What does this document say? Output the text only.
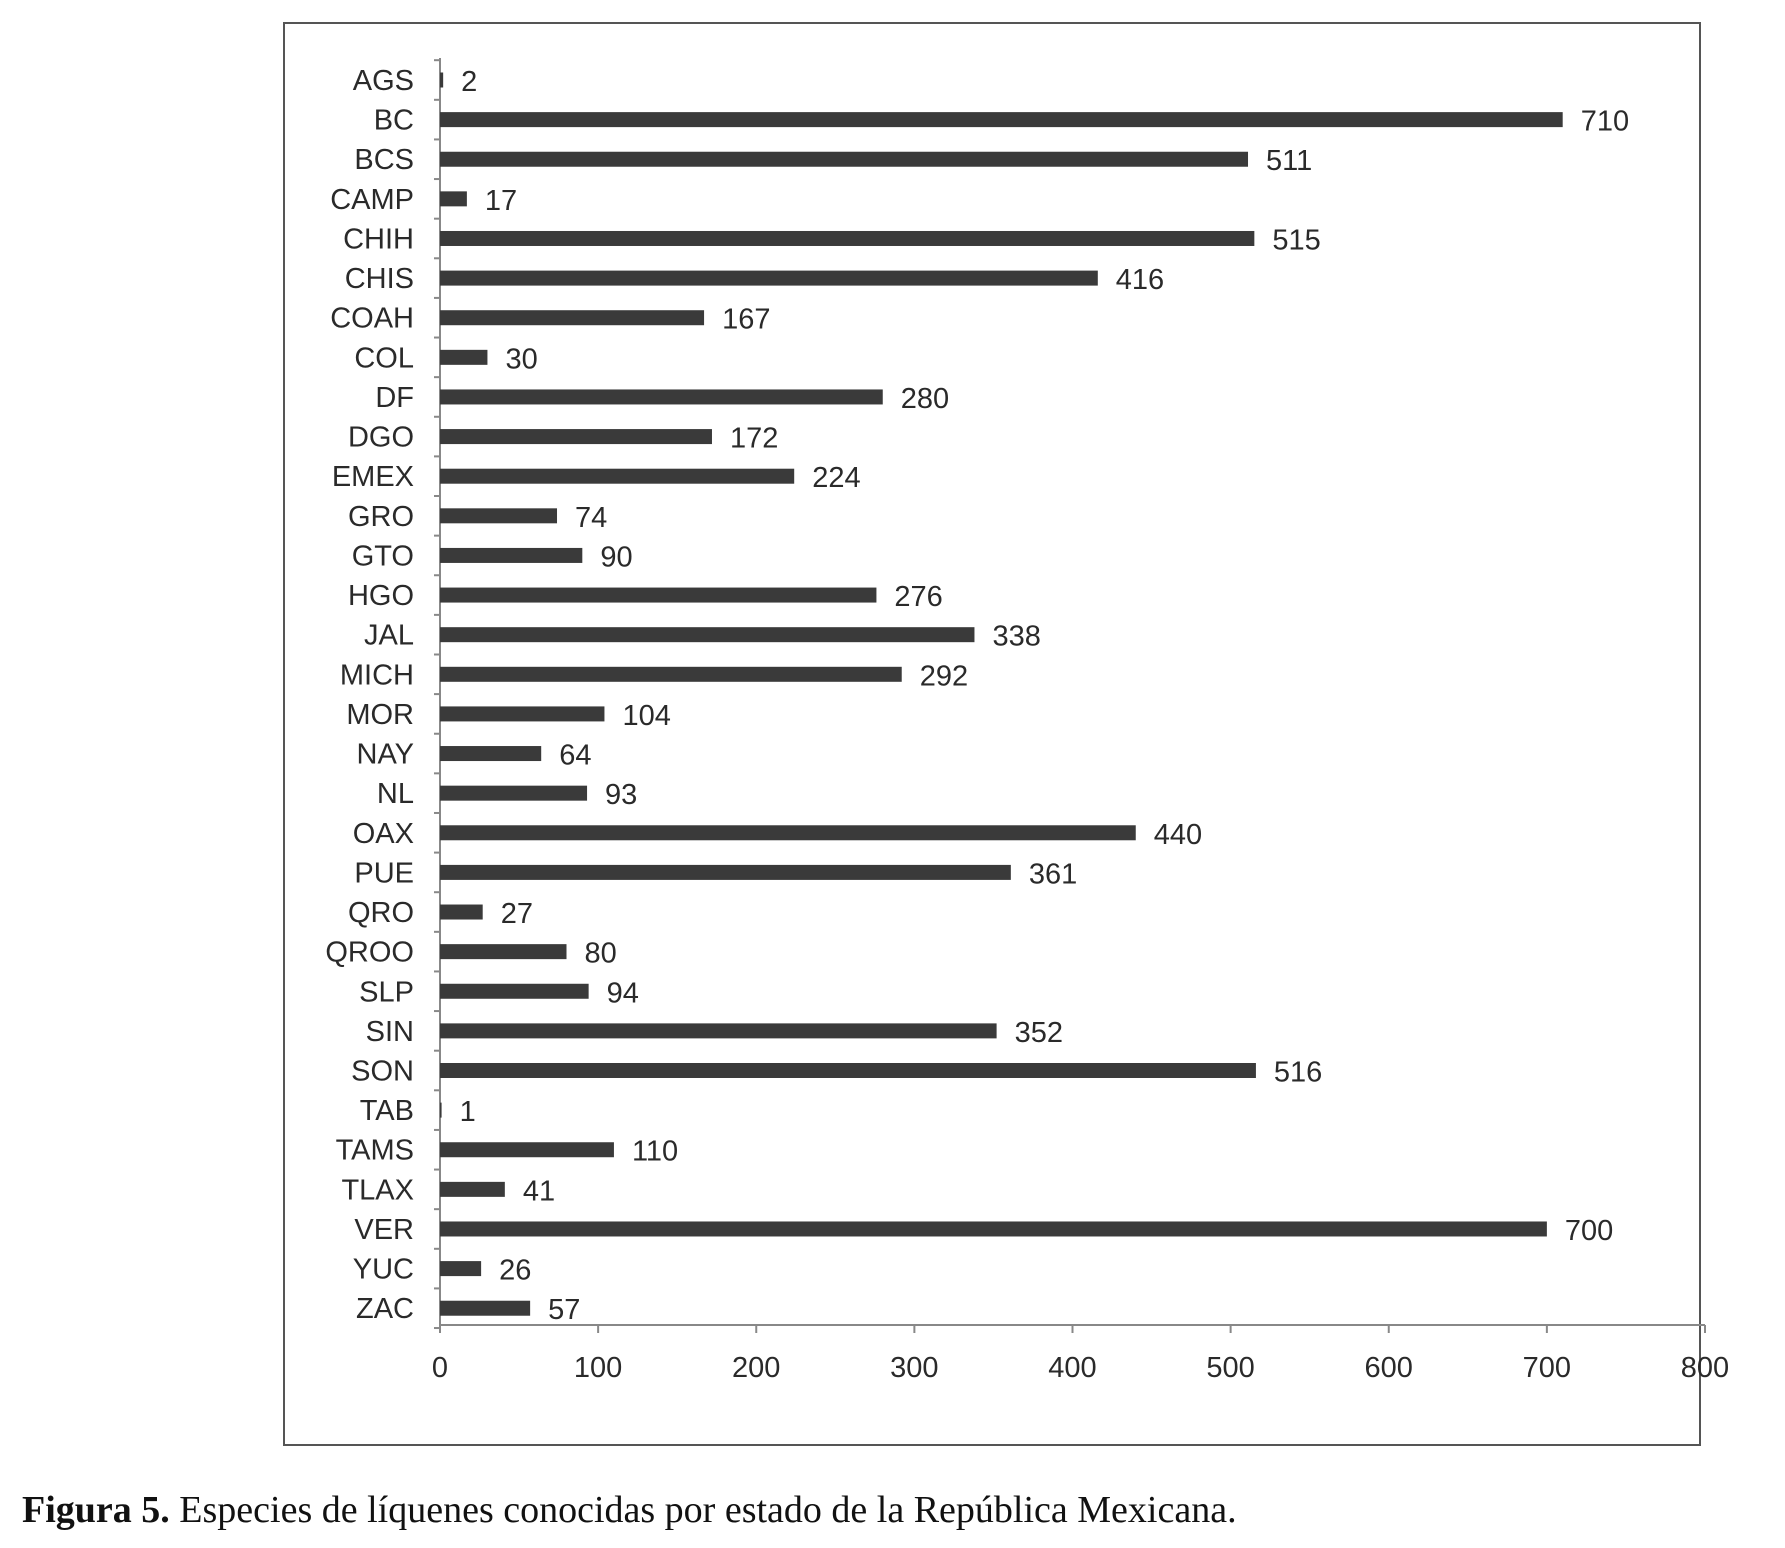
0	100	200	300	400	500	600	700	800
AGS 2
BC	710
BCS	511
CAMP 17
CHIH	515
CHIS	416
COAH	167
COL	30
DF	280
DGO	172
EMEX	224
GRO	74
GTO	90
HGO	276
JAL	338
MICH	292
MOR	104
NAY	64
NL	93
OAX	440
PUE	361
QRO	27
QROO	80
SLP	94
SIN	352
SON	516
TAB 1
TAMS	110
TLAX	41
VER	700
YUC	26
ZAC	57
Figura 5. Especies de líquenes conocidas por estado de la República Mexicana.
